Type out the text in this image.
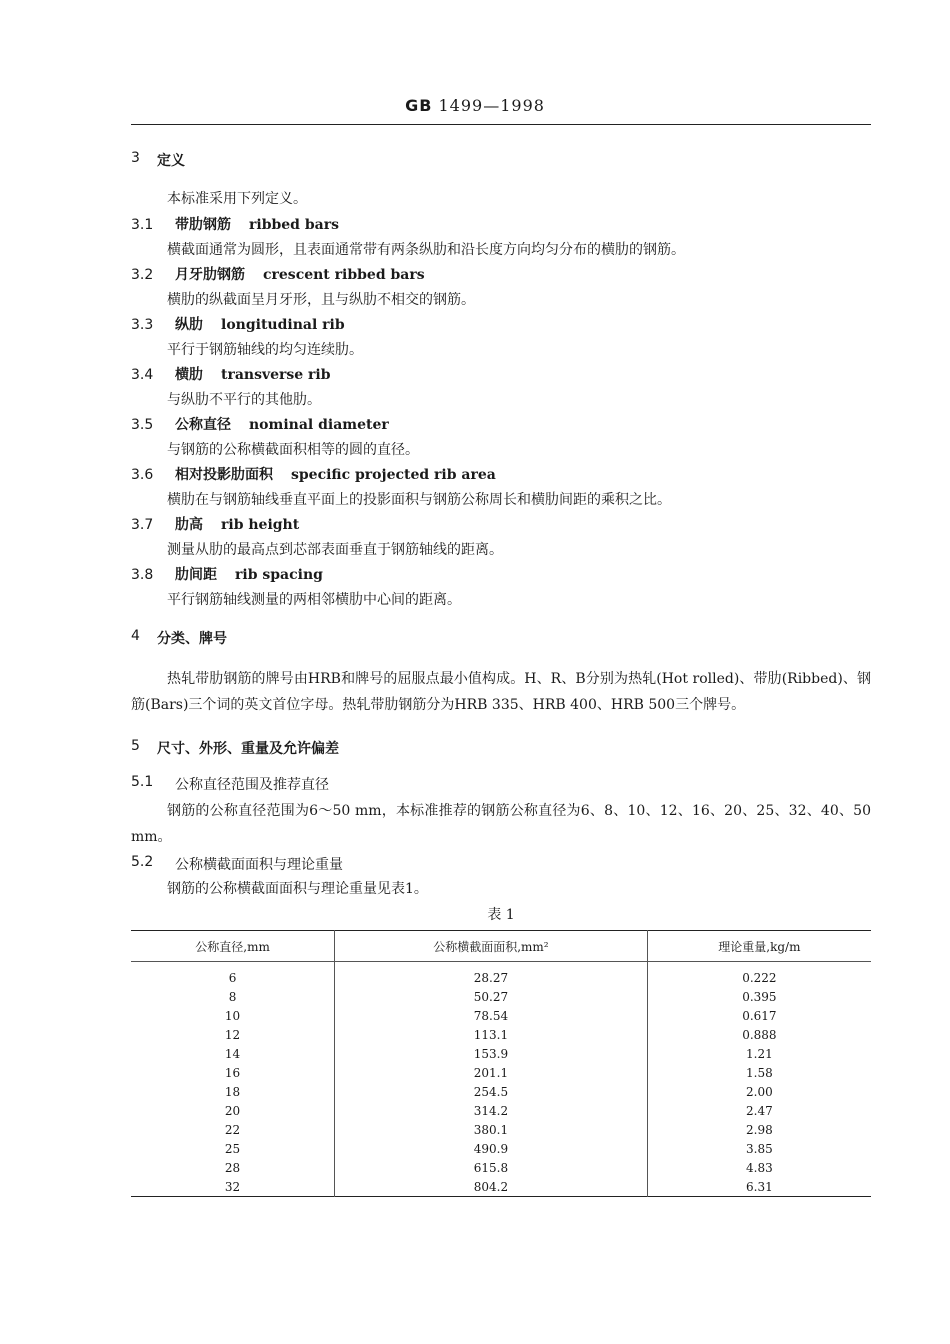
GB 1499—1998
3	定义
本标准采用下列定义。
3.1	带肋钢筋 ribbed bars
横截面通常为圆形，且表面通常带有两条纵肋和沿长度方向均匀分布的横肋的钢筋。
3.2	月牙肋钢筋 crescent ribbed bars
横肋的纵截面呈月牙形，且与纵肋不相交的钢筋。
3.3	纵肋 longitudinal rib
平行于钢筋轴线的均匀连续肋。
3.4	横肋 transverse rib
与纵肋不平行的其他肋。
3.5	公称直径 nominal diameter
与钢筋的公称横截面积相等的圆的直径。
3.6	相对投影肋面积 specific projected rib area
横肋在与钢筋轴线垂直平面上的投影面积与钢筋公称周长和横肋间距的乘积之比。
3.7	肋高 rib height
测量从肋的最高点到芯部表面垂直于钢筋轴线的距离。
3.8	肋间距 rib spacing
平行钢筋轴线测量的两相邻横肋中心间的距离。
4	分类、牌号
热轧带肋钢筋的牌号由HRB和牌号的屈服点最小值构成。H、R、B分别为热轧(Hot rolled)、带肋(Ribbed)、钢筋(Bars)三个词的英文首位字母。热轧带肋钢筋分为HRB 335、HRB 400、HRB 500三个牌号。
5	尺寸、外形、重量及允许偏差
5.1	公称直径范围及推荐直径
钢筋的公称直径范围为6～50 mm，本标准推荐的钢筋公称直径为6、8、10、12、16、20、25、32、40、50 mm。
5.2	公称横截面面积与理论重量
钢筋的公称横截面面积与理论重量见表1。
表 1
公称直径,mm	公称横截面面积,mm²	理论重量,kg/m
6	28.27	0.222
8	50.27	0.395
10	78.54	0.617
12	113.1	0.888
14	153.9	1.21
16	201.1	1.58
18	254.5	2.00
20	314.2	2.47
22	380.1	2.98
25	490.9	3.85
28	615.8	4.83
32	804.2	6.31
